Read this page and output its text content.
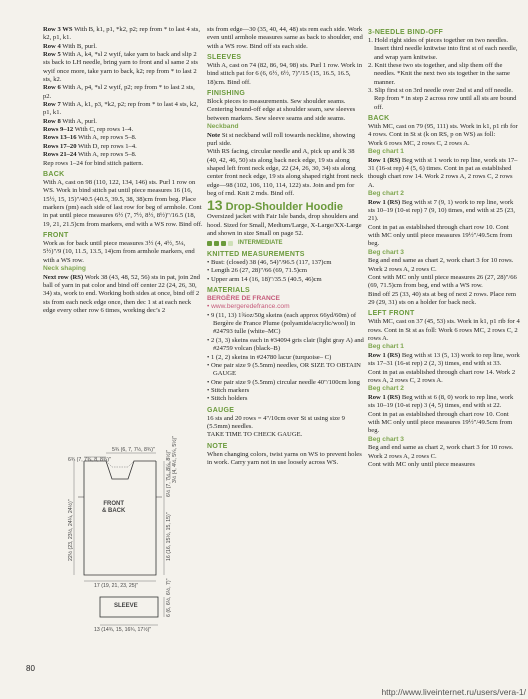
Row 3 WS With B, k1, p1, *k2, p2; rep from * to last 4 sts, k2, p1, k1.
Row 4 With B, purl.
Row 5 With A, k4, *sl 2 wyif, take yarn to back and slip 2 sts back to LH needle, bring yarn to front and sl same 2 sts wyif once more, take yarn to back, k2; rep from * to last 2 sts, k2.
Row 6 With A, p4, *sl 2 wyif, p2; rep from * to last 2 sts, p2.
Row 7 With A, k1, p3, *k2, p2; rep from * to last 4 sts, k2, p1, k1.
Row 8 With A, purl.
Rows 9–12 With C, rep rows 1–4.
Rows 13–16 With A, rep rows 5–8.
Rows 17–20 With D, rep rows 1–4.
Rows 21–24 With A, rep rows 5–8.
Rep rows 1–24 for bind stitch pattern.
BACK
With A, cast on 98 (110, 122, 134, 146) sts. Purl 1 row on WS. Work in bind stitch pat until piece measures 16 (16, 15½, 15, 15)"/40.5 (40.5, 39.5, 38, 38)cm from beg. Place markers (pm) each side of last row for beg of armhole. Cont in pat until piece measures 6½ (7, 7½, 8½, 8½)"/16.5 (18, 19, 21, 21.5)cm from markers, end with a WS row. Bind off.
FRONT
Work as for back until piece measures 3½ (4, 4½, 5¼, 5½)"/9 (10, 11.5, 13.5, 14)cm from armhole markers, end with a WS row.
Neck shaping
Next row (RS) Work 38 (43, 48, 52, 56) sts in pat, join 2nd ball of yarn in pat color and bind off center 22 (24, 26, 30, 34) sts, work to end. Working both sides at once, bind off 2 sts from each neck edge once, then dec 1 st at each neck edge every other row 6 times, working dec’s 2
5¾ (6, 7, 7½, 8¾)"
6¾ (7, 7¾, 8, 8¾)"
22½ (23, 23½, 24¼, 24½)"
6½ (7, 7½, 8¼, 8½)" 3½ (4, 4½, 5¼, 5½)"
16 (16, 15½, 15, 15)"
FRONT
& BACK
17 (19, 21, 23, 25)"
SLEEVE	6 (6, 6½, 6½, 7)"
13 (14¾, 15, 16¾, 17½)"
sts from edge—30 (35, 40, 44, 48) sts rem each side. Work even until armhole measures same as back to shoulder, end with a WS row. Bind off sts each side.
SLEEVES
With A, cast on 74 (82, 86, 94, 98) sts. Purl 1 row. Work in bind stitch pat for 6 (6, 6½, 6½, 7)"/15 (15, 16.5, 16.5, 18)cm. Bind off.
FINISHING
Block pieces to measurements. Sew shoulder seams. Centering bound-off edge at shoulder seam, sew sleeves between markers. Sew sleeve seams and side seams.
Neckband
Note St st neckband will roll towards neckline, showing purl side.
With RS facing, circular needle and A, pick up and k 38 (40, 42, 46, 50) sts along back neck edge, 19 sts along shaped left front neck edge, 22 (24, 26, 30, 34) sts along center front neck edge, 19 sts along shaped right front neck edge—98 (102, 106, 110, 114, 122) sts. Join and pm for beg of rnd. Knit 2 rnds. Bind off.
13 Drop-Shoulder Hoodie
Oversized jacket with Fair Isle bands, drop shoulders and hood. Sized for Small, Medium/Large, X-Large/XX-Large and shown in size Small on page 52.
INTERMEDIATE
KNITTED MEASUREMENTS
• Bust: (closed) 38 (46, 54)"/96.5 (117, 137)cm
• Length 26 (27, 28)"/66 (69, 71.5)cm
• Upper arm 14 (16, 18)"/35.5 (40.5, 46)cm
MATERIALS
BERGÈRE DE FRANCE
• www.bergeredefrance.com
• 9 (11, 13) 1¾oz/50g skeins (each approx 66yd/60m) of Bergère de France Plume (polyamide/acrylic/wool) in #24793 tulle (white–MC)
• 2 (3, 3) skeins each in #34094 gris clair (light gray A) and #24759 volcan (black–B)
• 1 (2, 2) skeins in #24780 lacur (turquoise– C)
• One pair size 9 (5.5mm) needles, OR SIZE TO OBTAIN GAUGE
• One pair size 9 (5.5mm) circular needle 40"/100cm long
• Stitch markers
• Stitch holders
GAUGE
16 sts and 20 rows = 4"/10cm over St st using size 9 (5.5mm) needles.
TAKE TIME TO CHECK GAUGE.
NOTE
When changing colors, twist yarns on WS to prevent holes in work. Carry yarn not in use loosely across WS.
3-NEEDLE BIND-OFF
1. Hold right sides of pieces together on two needles. Insert third needle knitwise into first st of each needle, and wrap yarn knitwise.
2. Knit these two sts together, and slip them off the needles. *Knit the next two sts together in the same manner.
3. Slip first st on 3rd needle over 2nd st and off needle. Rep from * in step 2 across row until all sts are bound off.
BACK
With MC, cast on 79 (95, 111) sts. Work in k1, p1 rib for 4 rows. Cont in St st (k on RS, p on WS) as foll:
Work 6 rows MC, 2 rows C, 2 rows A.
Beg chart 1
Row 1 (RS) Beg with st 1 work to rep line, work sts 17–31 (16-st rep) 4 (5, 6) times. Cont in pat as established though chart row 14. Work 2 rows A, 2 rows C, 2 rows A.
Beg chart 2
Row 1 (RS) Beg with st 7 (9, 1) work to rep line, work sts 10–19 (10-st rep) 7 (9, 10) times, end with st 25 (23, 21).
Cont in pat as established through chart row 10. Cont with MC only until piece measures 19½"/49.5cm from beg.
Beg chart 3
Beg and end same as chart 2, work chart 3 for 10 rows.
Work 2 rows A, 2 rows C.
Cont with MC only until piece measures 26 (27, 28)"/66 (69, 71.5)cm from beg, end with a WS row.
Bind off 25 (33, 40) sts at beg of next 2 rows. Place rem 29 (29, 31) sts on a holder for back neck.
LEFT FRONT
With MC, cast on 37 (45, 53) sts. Work in k1, p1 rib for 4 rows. Cont in St st as foll: Work 6 rows MC, 2 rows C, 2 rows A.
Beg chart 1
Row 1 (RS) Beg with st 13 (5, 13) work to rep line, work sts 17–31 (16-st rep) 2 (2, 3) times, end with st 33.
Cont in pat as established through chart row 14. Work 2 rows A, 2 rows C, 2 rows A.
Beg chart 2
Row 1 (RS) Beg with st 6 (8, 0) work to rep line, work sts 10–19 (10-st rep) 3 (4, 5) times, end with st 22.
Cont in pat as established through chart row 10. Cont with MC only until piece measures 19½"/49.5cm from beg.
Beg chart 3
Beg and end same as chart 2, work chart 3 for 10 rows.
Work 2 rows A, 2 rows C.
Cont with MC only until piece measures
80
http://www.liveinternet.ru/users/vera-1/
